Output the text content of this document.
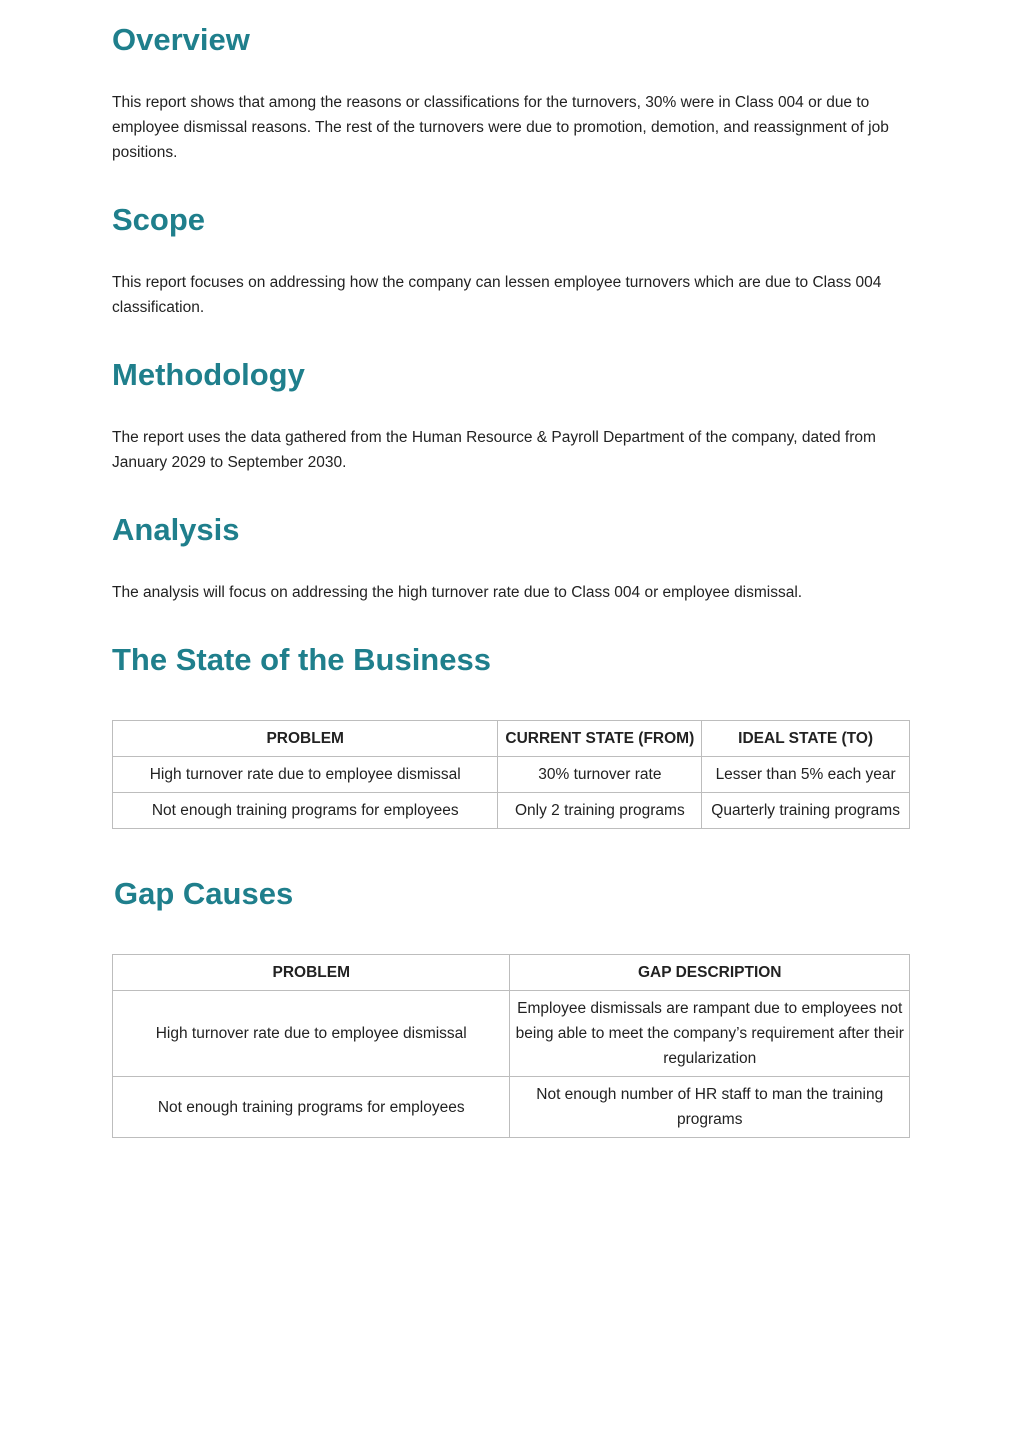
Overview

This report shows that among the reasons or classifications for the turnovers, 30% were in Class 004 or due to employee dismissal reasons. The rest of the turnovers were due to promotion, demotion, and reassignment of job positions.

Scope

This report focuses on addressing how the company can lessen employee turnovers which are due to Class 004 classification.

Methodology

The report uses the data gathered from the Human Resource & Payroll Department of the company, dated from January 2029 to September 2030.

Analysis

The analysis will focus on addressing the high turnover rate due to Class 004 or employee dismissal.

The State of the Business
PROBLEM	CURRENT STATE (FROM)	IDEAL STATE (TO)
High turnover rate due to employee dismissal	30% turnover rate	Lesser than 5% each year
Not enough training programs for employees	Only 2 training programs	Quarterly training programs
Gap Causes
PROBLEM	GAP DESCRIPTION
High turnover rate due to employee dismissal	Employee dismissals are rampant due to employees not being able to meet the company’s requirement after their regularization
Not enough training programs for employees	Not enough number of HR staff to man the training programs
